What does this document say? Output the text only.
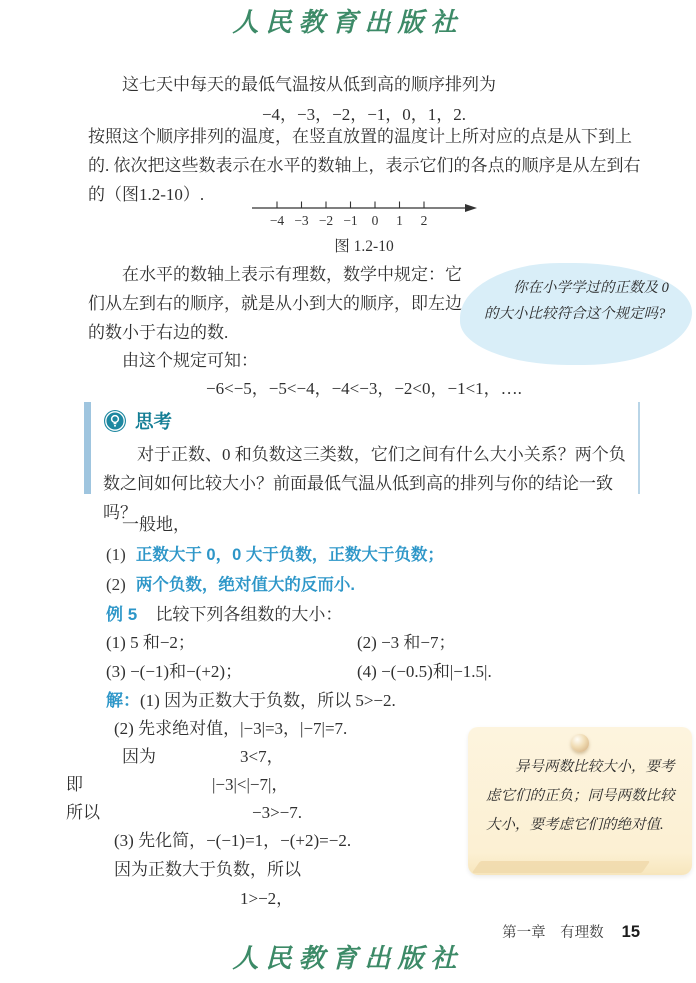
人民教育出版社
这七天中每天的最低气温按从低到高的顺序排列为
−4，−3，−2，−1，0，1，2.
按照这个顺序排列的温度，在竖直放置的温度计上所对应的点是从下到上的. 依次把这些数表示在水平的数轴上，表示它们的各点的顺序是从左到右的（图1.2-10）.
−4 −3 −2 −1 0 1 2
图 1.2-10
在水平的数轴上表示有理数，数学中规定：它们从左到右的顺序，就是从小到大的顺序，即左边的数小于右边的数.

你在小学学过的正数及 0 的大小比较符合这个规定吗?

由这个规定可知：
−6<−5，−5<−4，−4<−3，−2<0，−1<1，….
思考
对于正数、0 和负数这三类数，它们之间有什么大小关系？两个负数之间如何比较大小？前面最低气温从低到高的排列与你的结论一致吗？
一般地，
(1) 正数大于 0，0 大于负数，正数大于负数；
(2) 两个负数，绝对值大的反而小.
例 5 比较下列各组数的大小：
(1) 5 和−2；	(2) −3 和−7；
(3) −(−1)和−(+2)；	(4) −(−0.5)和|−1.5|.
解：(1) 因为正数大于负数，所以 5>−2.
(2) 先求绝对值，|−3|=3，|−7|=7.
因为	3<7，
即	|−3|<|−7|，
所以	−3>−7.
(3) 先化简，−(−1)=1，−(+2)=−2.
因为正数大于负数，所以
1>−2，

异号两数比较大小，要考虑它们的正负；同号两数比较大小，要考虑它们的绝对值.

第一章　有理数 15
人民教育出版社
